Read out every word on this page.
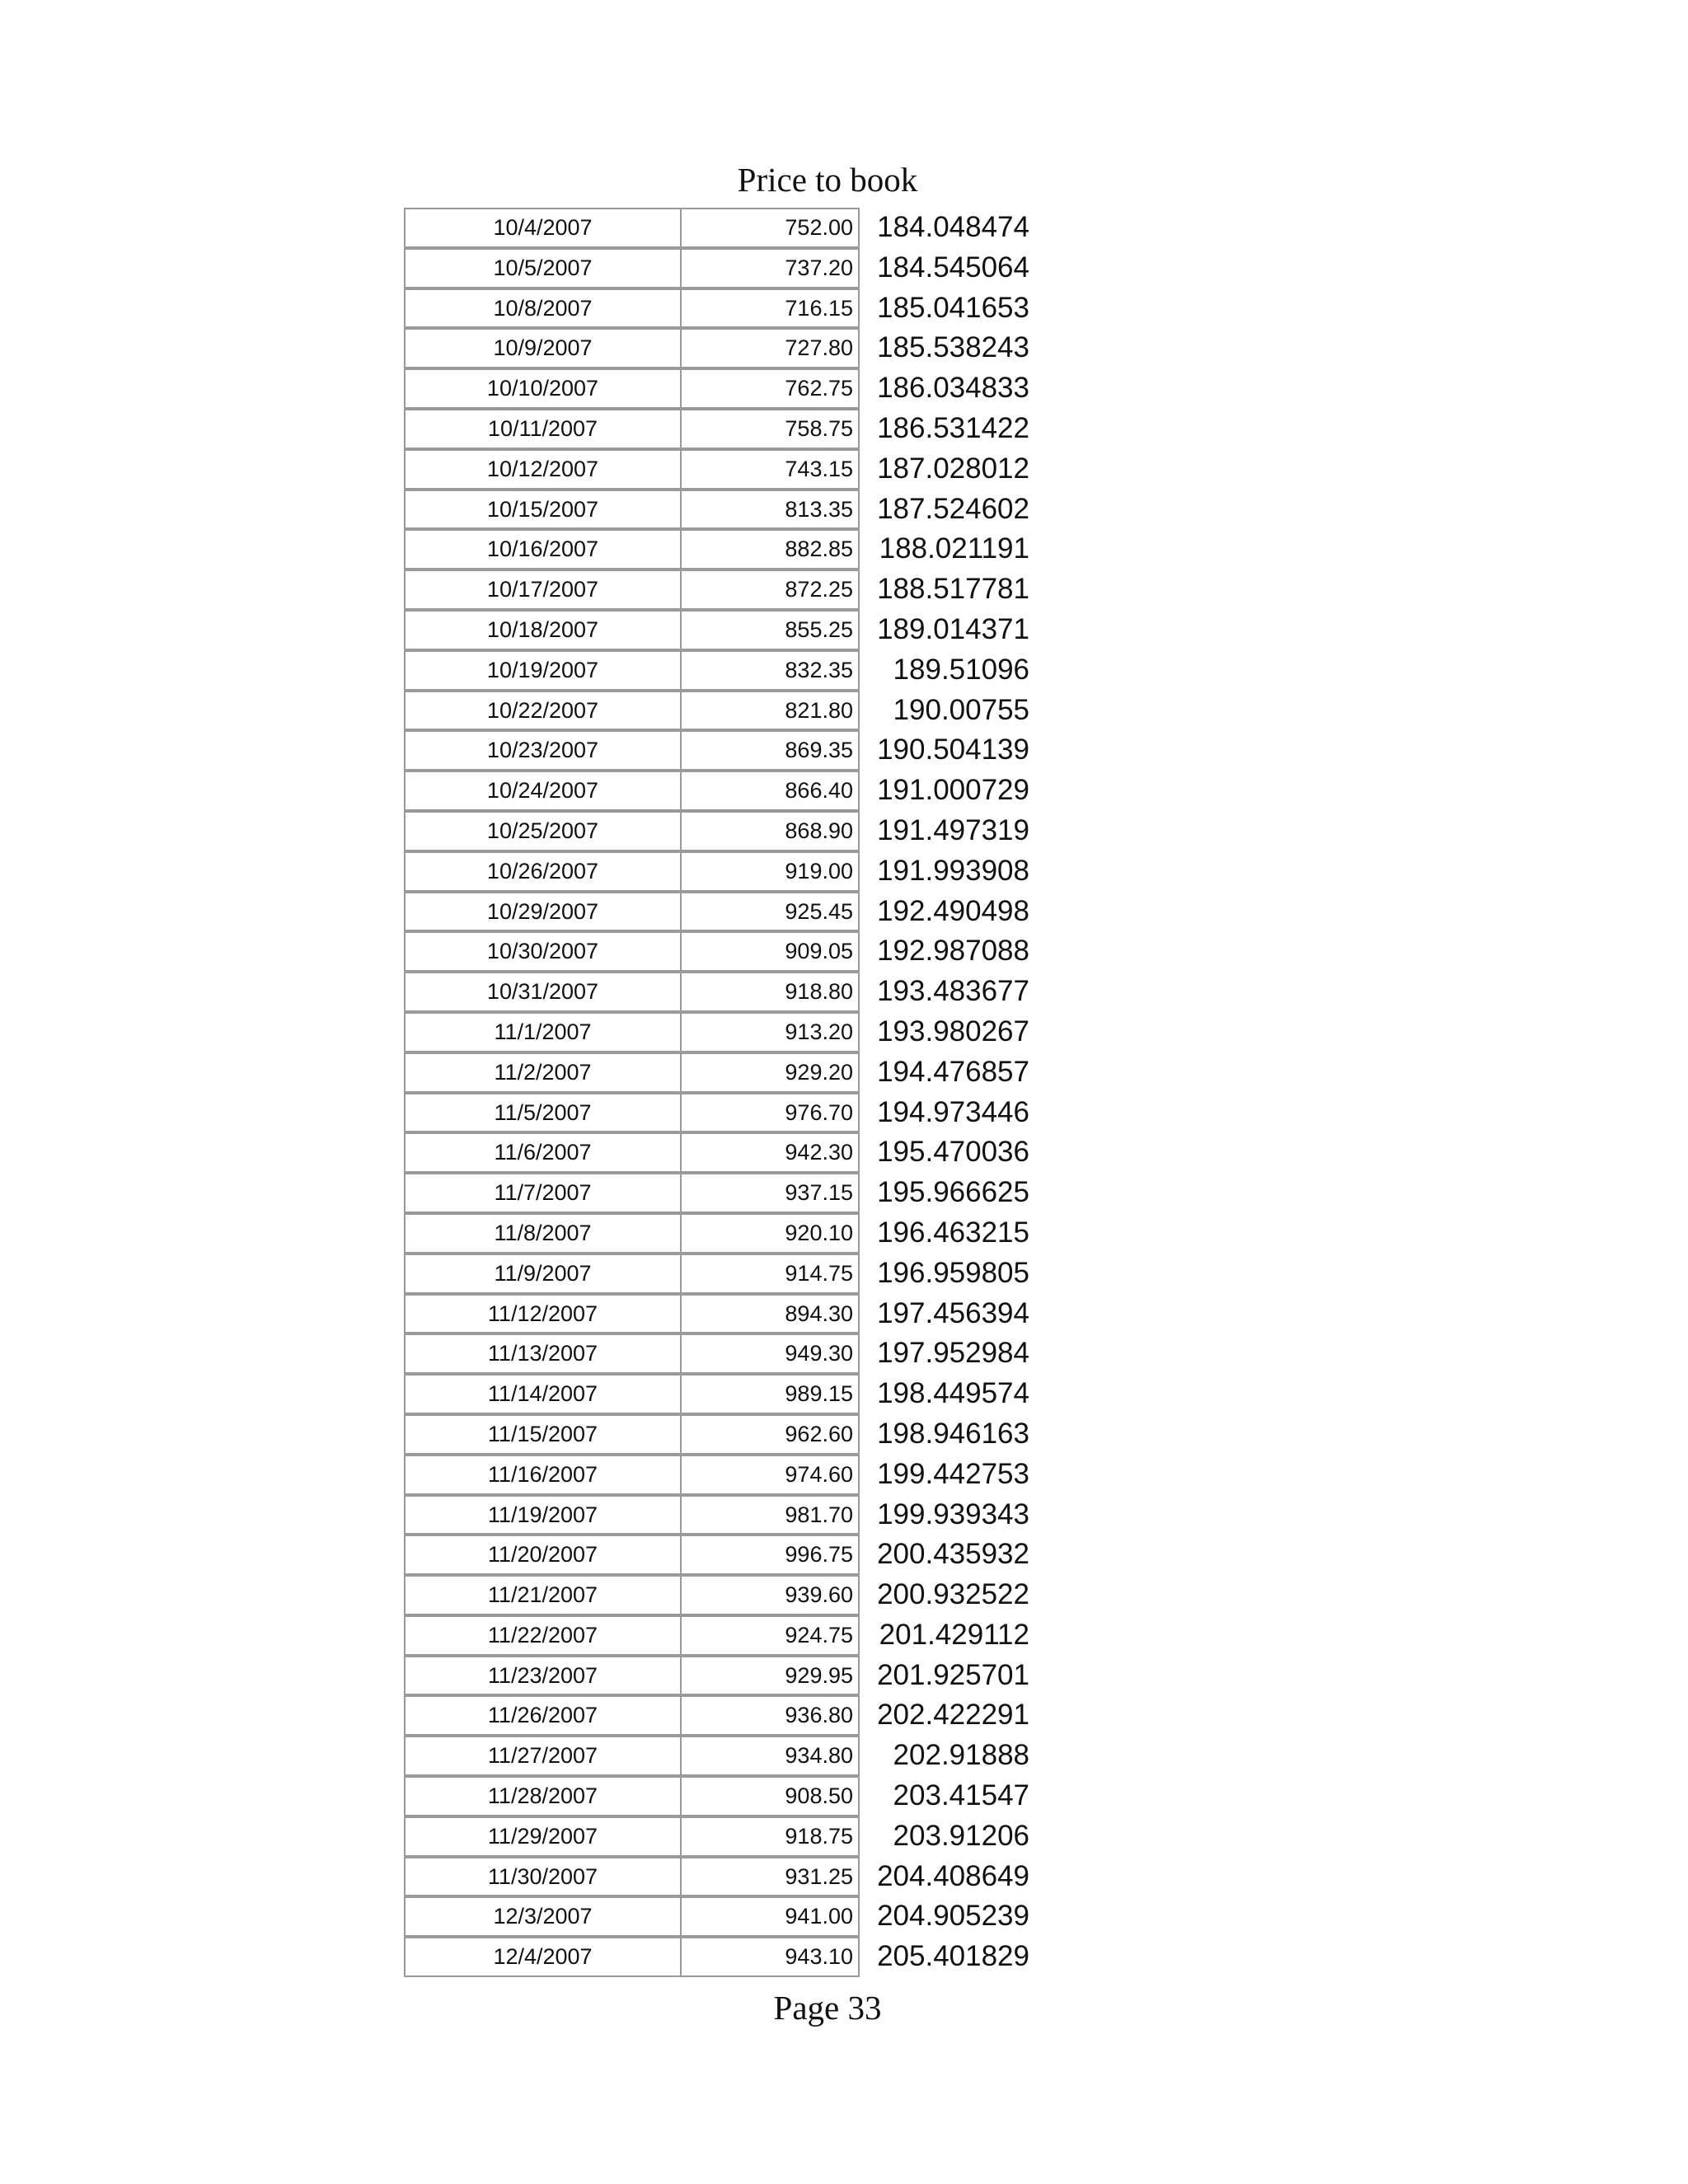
Price to book
10/4/2007	752.00 184.048474
10/5/2007	737.20 184.545064
10/8/2007	716.15 185.041653
10/9/2007	727.80 185.538243
10/10/2007	762.75 186.034833
10/11/2007	758.75 186.531422
10/12/2007	743.15 187.028012
10/15/2007	813.35 187.524602
10/16/2007	882.85 188.021191
10/17/2007	872.25 188.517781
10/18/2007	855.25 189.014371
10/19/2007	832.35	189.51096
10/22/2007	821.80	190.00755
10/23/2007	869.35 190.504139
10/24/2007	866.40 191.000729
10/25/2007	868.90 191.497319
10/26/2007	919.00 191.993908
10/29/2007	925.45 192.490498
10/30/2007	909.05 192.987088
10/31/2007	918.80 193.483677
11/1/2007	913.20 193.980267
11/2/2007	929.20 194.476857
11/5/2007	976.70 194.973446
11/6/2007	942.30 195.470036
11/7/2007	937.15 195.966625
11/8/2007	920.10 196.463215
11/9/2007	914.75 196.959805
11/12/2007	894.30 197.456394
11/13/2007	949.30 197.952984
11/14/2007	989.15 198.449574
11/15/2007	962.60 198.946163
11/16/2007	974.60 199.442753
11/19/2007	981.70 199.939343
11/20/2007	996.75 200.435932
11/21/2007	939.60 200.932522
11/22/2007	924.75 201.429112
11/23/2007	929.95 201.925701
11/26/2007	936.80 202.422291
11/27/2007	934.80	202.91888
11/28/2007	908.50	203.41547
11/29/2007	918.75	203.91206
11/30/2007	931.25 204.408649
12/3/2007	941.00 204.905239
12/4/2007	943.10 205.401829
Page 33
